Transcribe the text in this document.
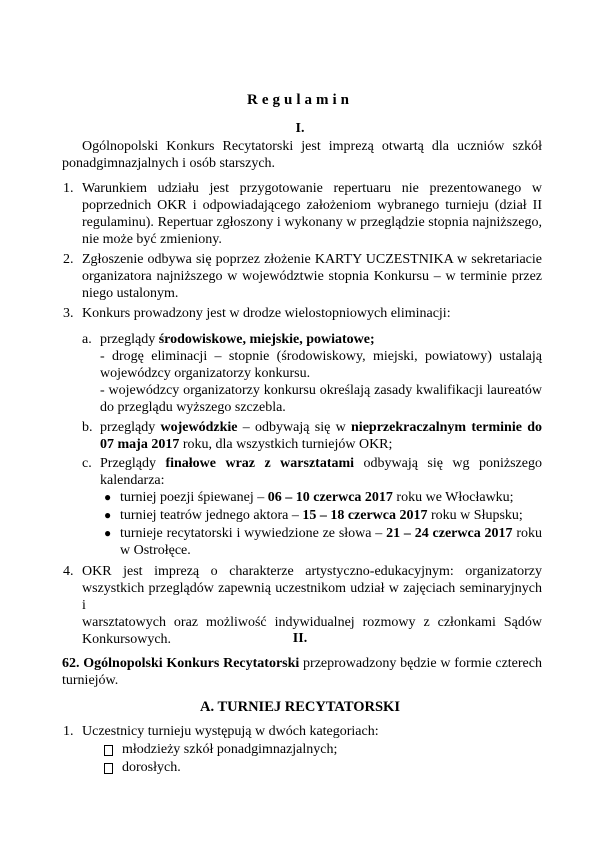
Regulamin
I.
Ogólnopolski Konkurs Recytatorski jest imprezą otwartą dla uczniów szkół
ponadgimnazjalnych i osób starszych.
1. Warunkiem udziału jest przygotowanie repertuaru nie prezentowanego w
poprzednich OKR i odpowiadającego założeniom wybranego turnieju (dział II
regulaminu). Repertuar zgłoszony i wykonany w przeglądzie stopnia najniższego,
nie może być zmieniony.
2. Zgłoszenie odbywa się poprzez złożenie KARTY UCZESTNIKA w sekretariacie
organizatora najniższego w województwie stopnia Konkursu – w terminie przez
niego ustalonym.
3. Konkurs prowadzony jest w drodze wielostopniowych eliminacji:
a. przeglądy środowiskowe, miejskie, powiatowe;
- drogę eliminacji – stopnie (środowiskowy, miejski, powiatowy) ustalają
wojewódzcy organizatorzy konkursu.
- wojewódzcy organizatorzy konkursu określają zasady kwalifikacji laureatów
do przeglądu wyższego szczebla.
b. przeglądy wojewódzkie – odbywają się w nieprzekraczalnym terminie do
07 maja 2017 roku, dla wszystkich turniejów OKR;
c. Przeglądy finałowe wraz z warsztatami odbywają się wg poniższego
kalendarza:
● turniej poezji śpiewanej – 06 – 10 czerwca 2017 roku we Włocławku;
● turniej teatrów jednego aktora – 15 – 18 czerwca 2017 roku w Słupsku;
● turnieje recytatorski i wywiedzione ze słowa – 21 – 24 czerwca 2017 roku
w Ostrołęce.
4. OKR jest imprezą o charakterze artystyczno-edukacyjnym: organizatorzy
wszystkich przeglądów zapewnią uczestnikom udział w zajęciach seminaryjnych i
warsztatowych oraz możliwość indywidualnej rozmowy z członkami Sądów
Konkursowych.	II.
62. Ogólnopolski Konkurs Recytatorski przeprowadzony będzie w formie czterech
turniejów.
A. TURNIEJ RECYTATORSKI
1. Uczestnicy turnieju występują w dwóch kategoriach:
młodzieży szkół ponadgimnazjalnych;
dorosłych.
